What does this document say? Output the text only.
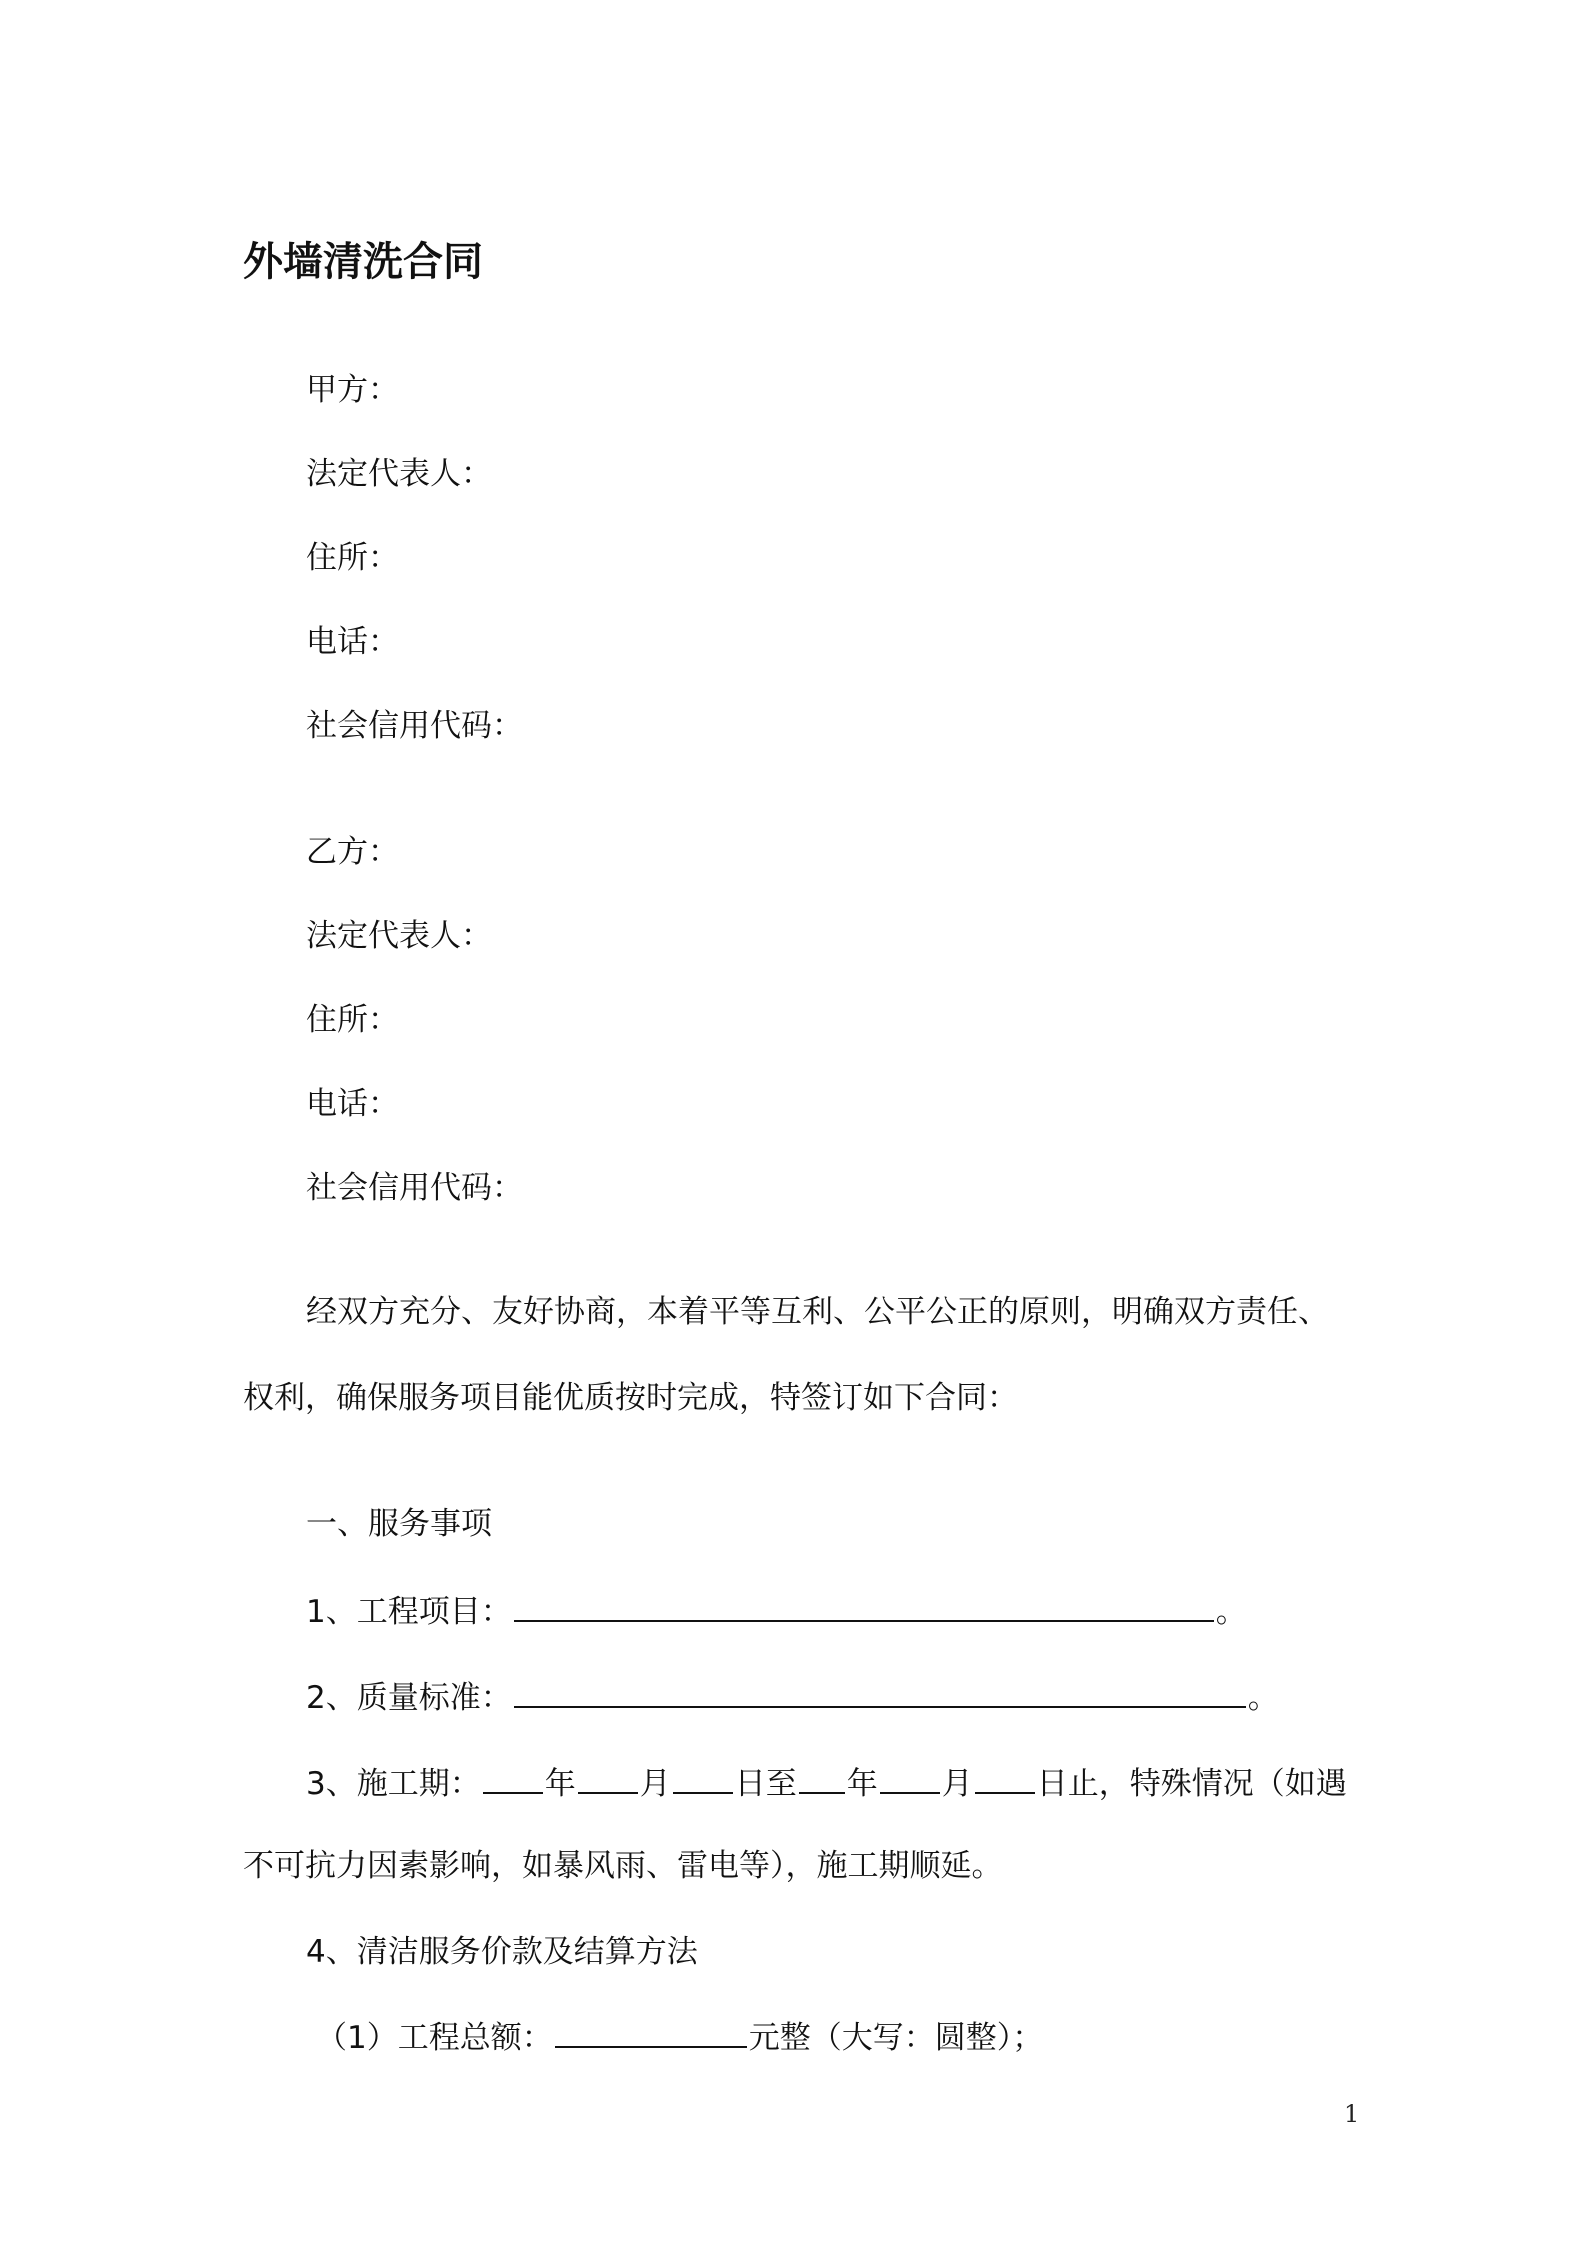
外墙清洗合同
甲方：
法定代表人：
住所：
电话：
社会信用代码：
乙方：
法定代表人：
住所：
电话：
社会信用代码：
经双方充分、友好协商，本着平等互利、公平公正的原则，明确双方责任、
权利，确保服务项目能优质按时完成，特签订如下合同：
一、服务事项
1、工程项目：	。
2、质量标准：	。
3、施工期： 年 月 日至 年 月 日止，特殊情况（如遇
不可抗力因素影响，如暴风雨、雷电等），施工期顺延。
4、清洁服务价款及结算方法
（1）工程总额：	元整（大写：圆整）；
1
